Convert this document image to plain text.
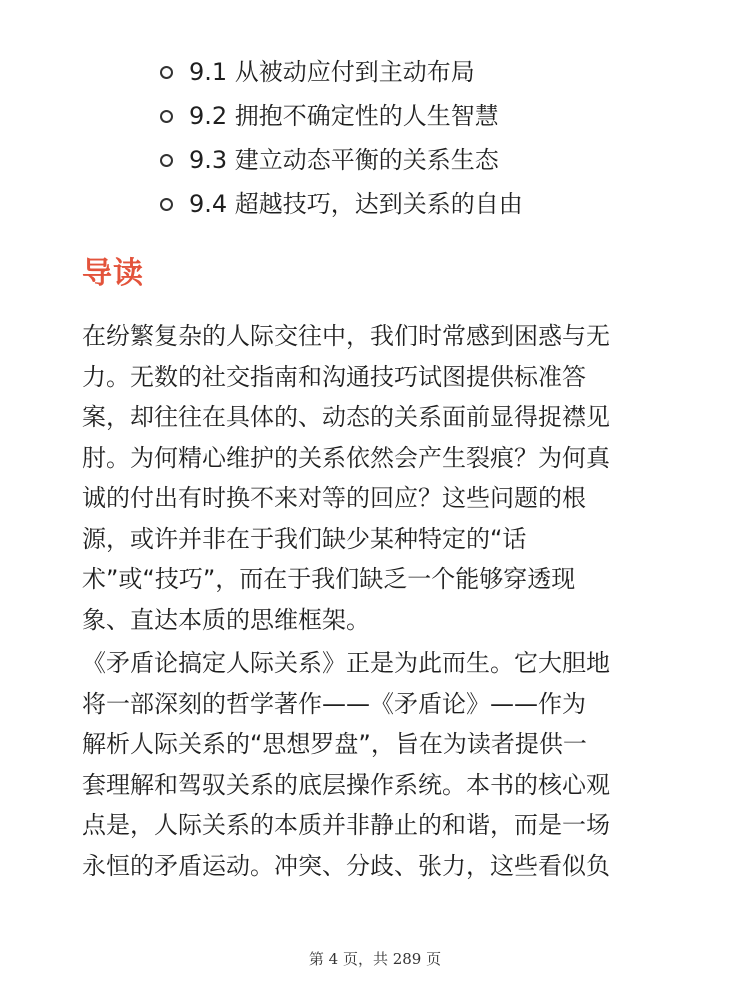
9.1 从被动应付到主动布局
9.2 拥抱不确定性的人生智慧
9.3 建立动态平衡的关系生态
9.4 超越技巧，达到关系的自由
导读

在纷繁复杂的人际交往中，我们时常感到困惑与无
力。无数的社交指南和沟通技巧试图提供标准答
案，却往往在具体的、动态的关系面前显得捉襟见
肘。为何精心维护的关系依然会产生裂痕？为何真
诚的付出有时换不来对等的回应？这些问题的根
源，或许并非在于我们缺少某种特定的“话
术”或“技巧”，而在于我们缺乏一个能够穿透现
象、直达本质的思维框架。

《矛盾论搞定人际关系》正是为此而生。它大胆地
将一部深刻的哲学著作——《矛盾论》——作为
解析人际关系的“思想罗盘”，旨在为读者提供一
套理解和驾驭关系的底层操作系统。本书的核心观
点是，人际关系的本质并非静止的和谐，而是一场
永恒的矛盾运动。冲突、分歧、张力，这些看似负

第 4 页，共 289 页
